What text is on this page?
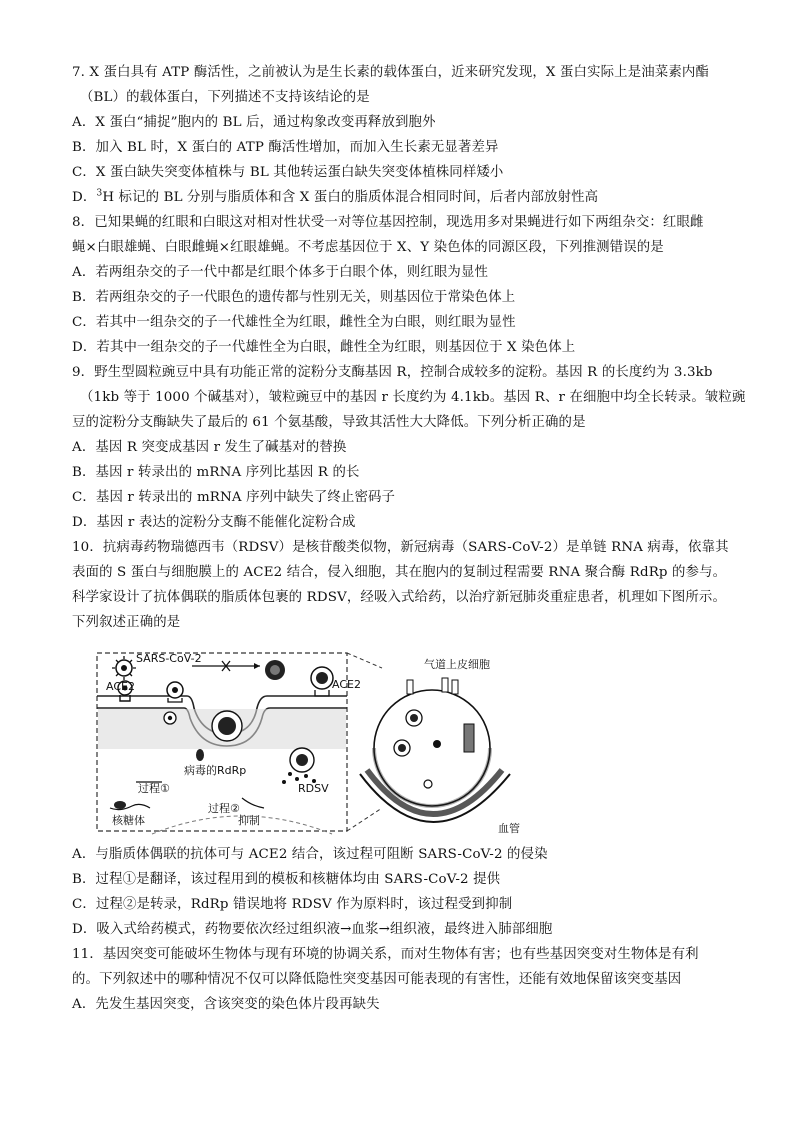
7. X 蛋白具有 ATP 酶活性，之前被认为是生长素的载体蛋白，近来研究发现，X 蛋白实际上是油菜素内酯
（BL）的载体蛋白，下列描述不支持该结论的是
A．X 蛋白“捕捉”胞内的 BL 后，通过构象改变再释放到胞外
B．加入 BL 时，X 蛋白的 ATP 酶活性增加，而加入生长素无显著差异
C．X 蛋白缺失突变体植株与 BL 其他转运蛋白缺失突变体植株同样矮小
D．$^3$H 标记的 BL 分别与脂质体和含 X 蛋白的脂质体混合相同时间，后者内部放射性高
8．已知果蝇的红眼和白眼这对相对性状受一对等位基因控制，现选用多对果蝇进行如下两组杂交：红眼雌
蝇×白眼雄蝇、白眼雌蝇×红眼雄蝇。不考虑基因位于 X、Y 染色体的同源区段，下列推测错误的是
A．若两组杂交的子一代中都是红眼个体多于白眼个体，则红眼为显性
B．若两组杂交的子一代眼色的遗传都与性别无关，则基因位于常染色体上
C．若其中一组杂交的子一代雄性全为红眼，雌性全为白眼，则红眼为显性
D．若其中一组杂交的子一代雄性全为白眼，雌性全为红眼，则基因位于 X 染色体上
9．野生型圆粒豌豆中具有功能正常的淀粉分支酶基因 R，控制合成较多的淀粉。基因 R 的长度约为 3.3kb
（1kb 等于 1000 个碱基对），皱粒豌豆中的基因 r 长度约为 4.1kb。基因 R、r 在细胞中均全长转录。皱粒豌
豆的淀粉分支酶缺失了最后的 61 个氨基酸，导致其活性大大降低。下列分析正确的是
A．基因 R 突变成基因 r 发生了碱基对的替换
B．基因 r 转录出的 mRNA 序列比基因 R 的长
C．基因 r 转录出的 mRNA 序列中缺失了终止密码子
D．基因 r 表达的淀粉分支酶不能催化淀粉合成
10．抗病毒药物瑞德西韦（RDSV）是核苷酸类似物，新冠病毒（SARS-CoV-2）是单链 RNA 病毒，依靠其
表面的 S 蛋白与细胞膜上的 ACE2 结合，侵入细胞，其在胞内的复制过程需要 RNA 聚合酶 RdRp 的参与。
科学家设计了抗体偶联的脂质体包裹的 RDSV，经吸入式给药，以治疗新冠肺炎重症患者，机理如下图所示。
下列叙述正确的是
SARS-CoV-2
ACE2	ACE2
病毒的RdRp
过程①
核糖体
过程②
抑制
RDSV
气道上皮细胞
血管
A．与脂质体偶联的抗体可与 ACE2 结合，该过程可阻断 SARS-CoV-2 的侵染
B．过程①是翻译，该过程用到的模板和核糖体均由 SARS-CoV-2 提供
C．过程②是转录，RdRp 错误地将 RDSV 作为原料时，该过程受到抑制
D．吸入式给药模式，药物要依次经过组织液→血浆→组织液，最终进入肺部细胞
11．基因突变可能破坏生物体与现有环境的协调关系，而对生物体有害；也有些基因突变对生物体是有利
的。下列叙述中的哪种情况不仅可以降低隐性突变基因可能表现的有害性，还能有效地保留该突变基因
A．先发生基因突变，含该突变的染色体片段再缺失
